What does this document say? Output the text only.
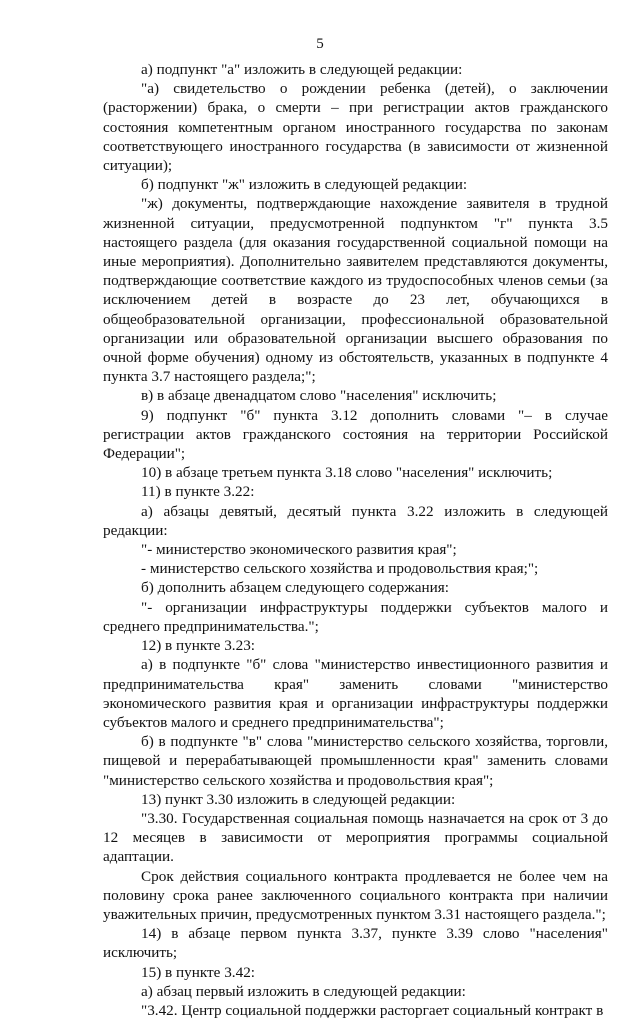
5

а) подпункт "а" изложить в следующей редакции:

"а) свидетельство о рождении ребенка (детей), о заключении (расторжении) брака, о смерти – при регистрации актов гражданского состояния компетентным органом иностранного государства по законам соответствующего иностранного государства (в зависимости от жизненной ситуации);

б) подпункт "ж" изложить в следующей редакции:

"ж) документы, подтверждающие нахождение заявителя в трудной жизненной ситуации, предусмотренной подпунктом "г" пункта 3.5 настоящего раздела (для оказания государственной социальной помощи на иные мероприятия). Дополнительно заявителем представляются документы, подтверждающие соответствие каждого из трудоспособных членов семьи (за исключением детей в возрасте до 23 лет, обучающихся в общеобразовательной организации, профессиональной образовательной организации или образовательной организации высшего образования по очной форме обучения) одному из обстоятельств, указанных в подпункте 4 пункта 3.7 настоящего раздела;";

в) в абзаце двенадцатом слово "населения" исключить;

9) подпункт "б" пункта 3.12 дополнить словами "– в случае регистрации актов гражданского состояния на территории Российской Федерации";

10) в абзаце третьем пункта 3.18 слово "населения" исключить;

11) в пункте 3.22:

а) абзацы девятый, десятый пункта 3.22 изложить в следующей редакции:

"- министерство экономического развития края";

- министерство сельского хозяйства и продовольствия края;";

б) дополнить абзацем следующего содержания:

"- организации инфраструктуры поддержки субъектов малого и среднего предпринимательства.";

12) в пункте 3.23:

а) в подпункте "б" слова "министерство инвестиционного развития и предпринимательства края" заменить словами "министерство экономического развития края и организации инфраструктуры поддержки субъектов малого и среднего предпринимательства";

б) в подпункте "в" слова "министерство сельского хозяйства, торговли, пищевой и перерабатывающей промышленности края" заменить словами "министерство сельского хозяйства и продовольствия края";

13) пункт 3.30 изложить в следующей редакции:

"3.30. Государственная социальная помощь назначается на срок от 3 до 12 месяцев в зависимости от мероприятия программы социальной адаптации.

Срок действия социального контракта продлевается не более чем на половину срока ранее заключенного социального контракта при наличии уважительных причин, предусмотренных пунктом 3.31 настоящего раздела.";

14) в абзаце первом пункта 3.37, пункте 3.39 слово "населения" исключить;

15) в пункте 3.42:

а) абзац первый изложить в следующей редакции:

"3.42. Центр социальной поддержки расторгает социальный контракт в
